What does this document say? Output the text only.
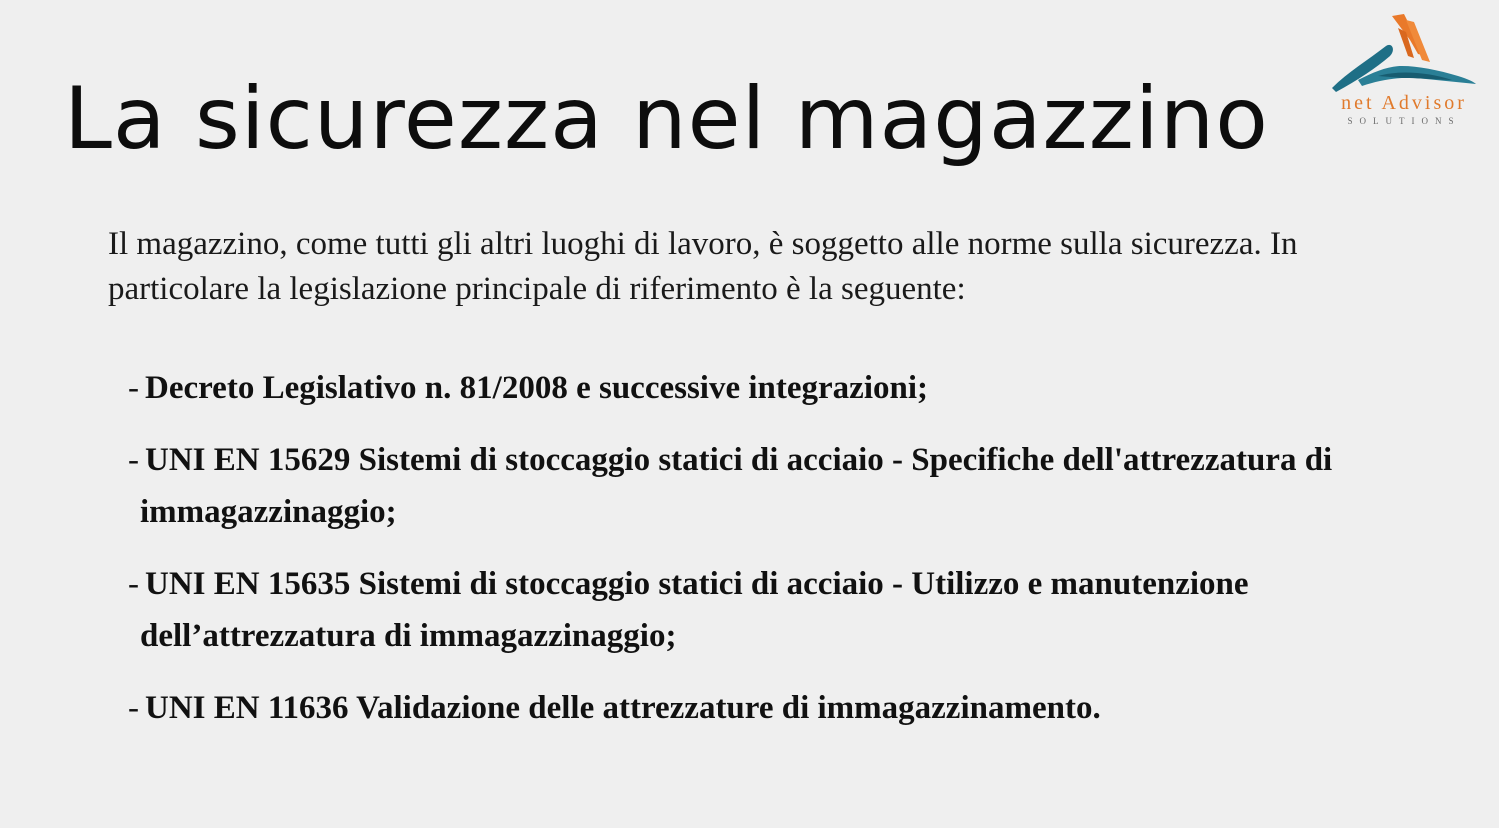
La sicurezza nel magazzino

Il magazzino, come tutti gli altri luoghi di lavoro, è soggetto alle norme sulla sicurezza. In particolare la legislazione principale di riferimento è la seguente:

- Decreto Legislativo n. 81/2008 e successive integrazioni;
- UNI EN 15629 Sistemi di stoccaggio statici di acciaio - Specifiche dell'attrezzatura di immagazzinaggio;
- UNI EN 15635 Sistemi di stoccaggio statici di acciaio - Utilizzo e manutenzione dell’attrezzatura di immagazzinaggio;
- UNI EN 11636 Validazione delle attrezzature di immagazzinamento.
net Advisor
SOLUTIONS
